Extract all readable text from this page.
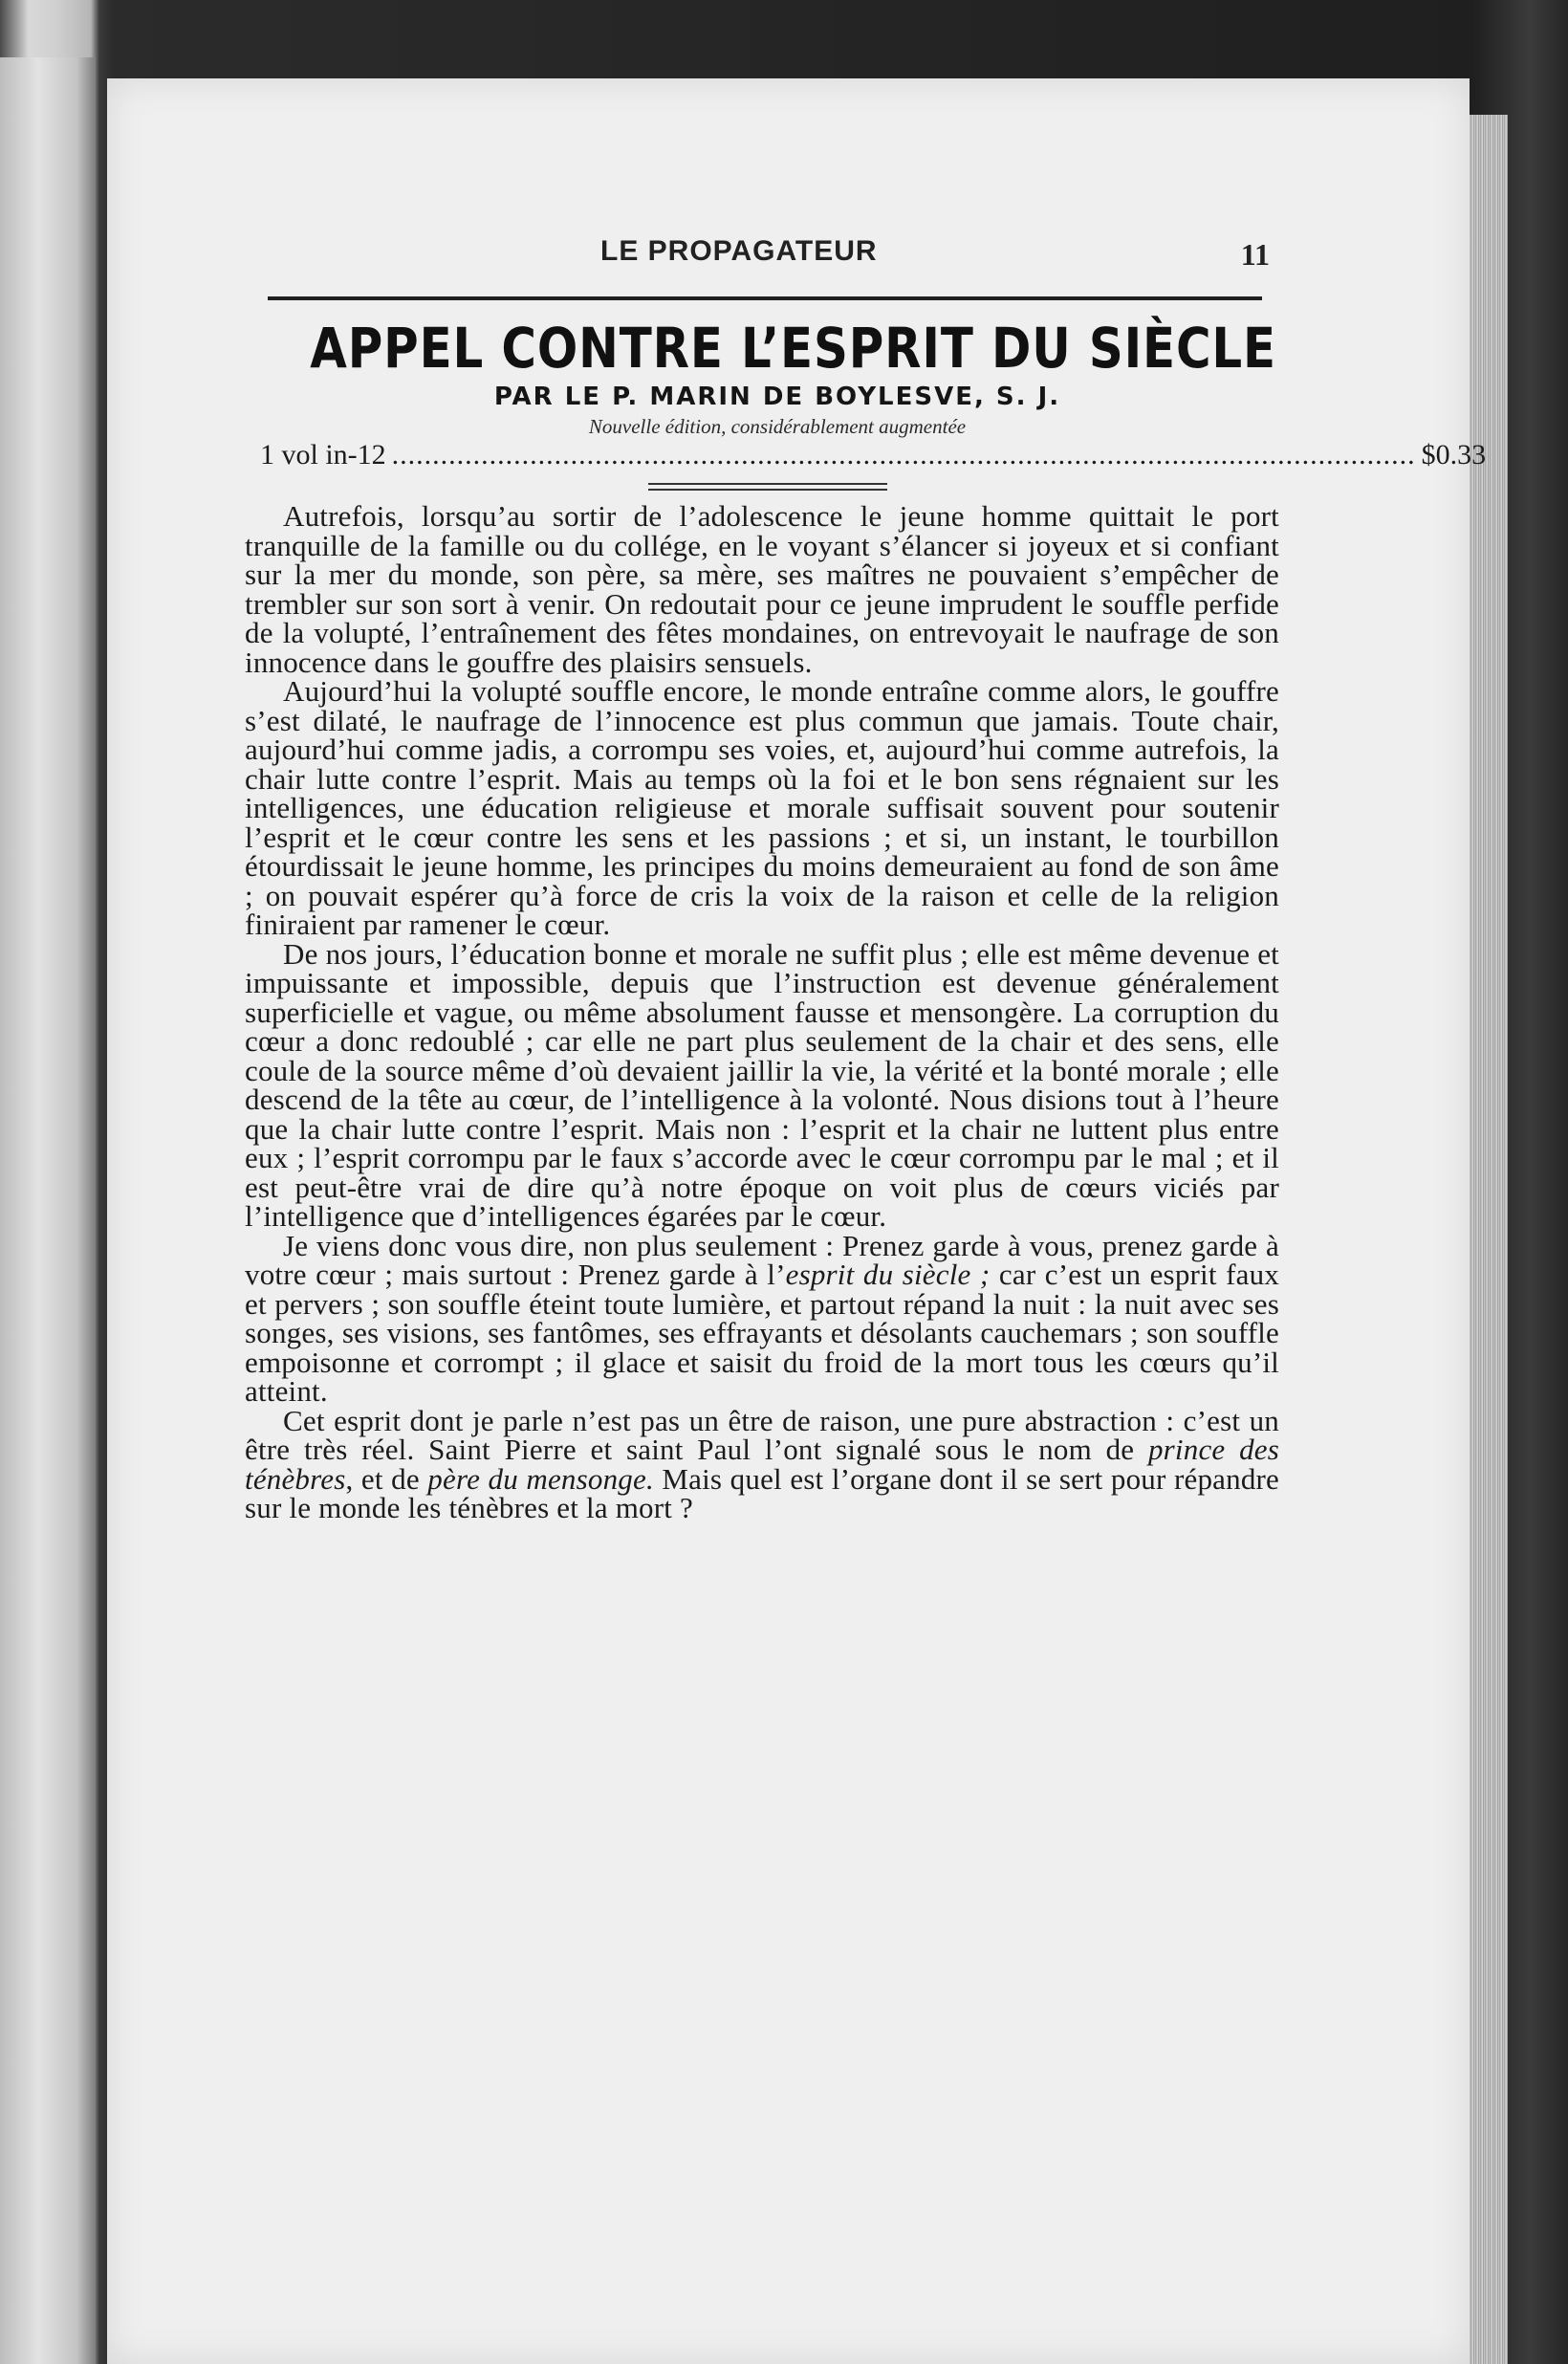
LE PROPAGATEUR	11
APPEL CONTRE L’ESPRIT DU SIÈCLE
PAR LE P. MARIN DE BOYLESVE, S. J.
Nouvelle édition, considérablement augmentée
1 vol in-12 .............................................................................................................................. $0.33

Autrefois, lorsqu’au sortir de l’adolescence le jeune homme quittait le port tranquille de la famille ou du collége, en le voyant s’élancer si joyeux et si confiant sur la mer du monde, son père, sa mère, ses maîtres ne pouvaient s’empêcher de trembler sur son sort à venir. On redoutait pour ce jeune imprudent le souffle perfide de la volupté, l’entraînement des fêtes mondaines, on entrevoyait le naufrage de son innocence dans le gouffre des plaisirs sensuels.

Aujourd’hui la volupté souffle encore, le monde entraîne comme alors, le gouffre s’est dilaté, le naufrage de l’innocence est plus commun que jamais. Toute chair, aujourd’hui comme jadis, a corrompu ses voies, et, aujourd’hui comme autrefois, la chair lutte contre l’esprit. Mais au temps où la foi et le bon sens régnaient sur les intelligences, une éducation religieuse et morale suffisait souvent pour soutenir l’esprit et le cœur contre les sens et les passions ; et si, un instant, le tourbillon étourdissait le jeune homme, les principes du moins demeuraient au fond de son âme ; on pouvait espérer qu’à force de cris la voix de la raison et celle de la religion finiraient par ramener le cœur.

De nos jours, l’éducation bonne et morale ne suffit plus ; elle est même devenue et impuissante et impossible, depuis que l’instruction est devenue généralement superficielle et vague, ou même absolument fausse et mensongère. La corruption du cœur a donc redoublé ; car elle ne part plus seulement de la chair et des sens, elle coule de la source même d’où devaient jaillir la vie, la vérité et la bonté morale ; elle descend de la tête au cœur, de l’intelligence à la volonté. Nous disions tout à l’heure que la chair lutte contre l’esprit. Mais non : l’esprit et la chair ne luttent plus entre eux ; l’esprit corrompu par le faux s’accorde avec le cœur corrompu par le mal ; et il est peut-être vrai de dire qu’à notre époque on voit plus de cœurs viciés par l’intelligence que d’intelligences égarées par le cœur.

Je viens donc vous dire, non plus seulement : Prenez garde à vous, prenez garde à votre cœur ; mais surtout : Prenez garde à l’esprit du siècle ; car c’est un esprit faux et pervers ; son souffle éteint toute lumière, et partout répand la nuit : la nuit avec ses songes, ses visions, ses fantômes, ses effrayants et désolants cauchemars ; son souffle empoisonne et corrompt ; il glace et saisit du froid de la mort tous les cœurs qu’il atteint.

Cet esprit dont je parle n’est pas un être de raison, une pure abstraction : c’est un être très réel. Saint Pierre et saint Paul l’ont signalé sous le nom de prince des ténèbres, et de père du mensonge. Mais quel est l’organe dont il se sert pour répandre sur le monde les ténèbres et la mort ?
